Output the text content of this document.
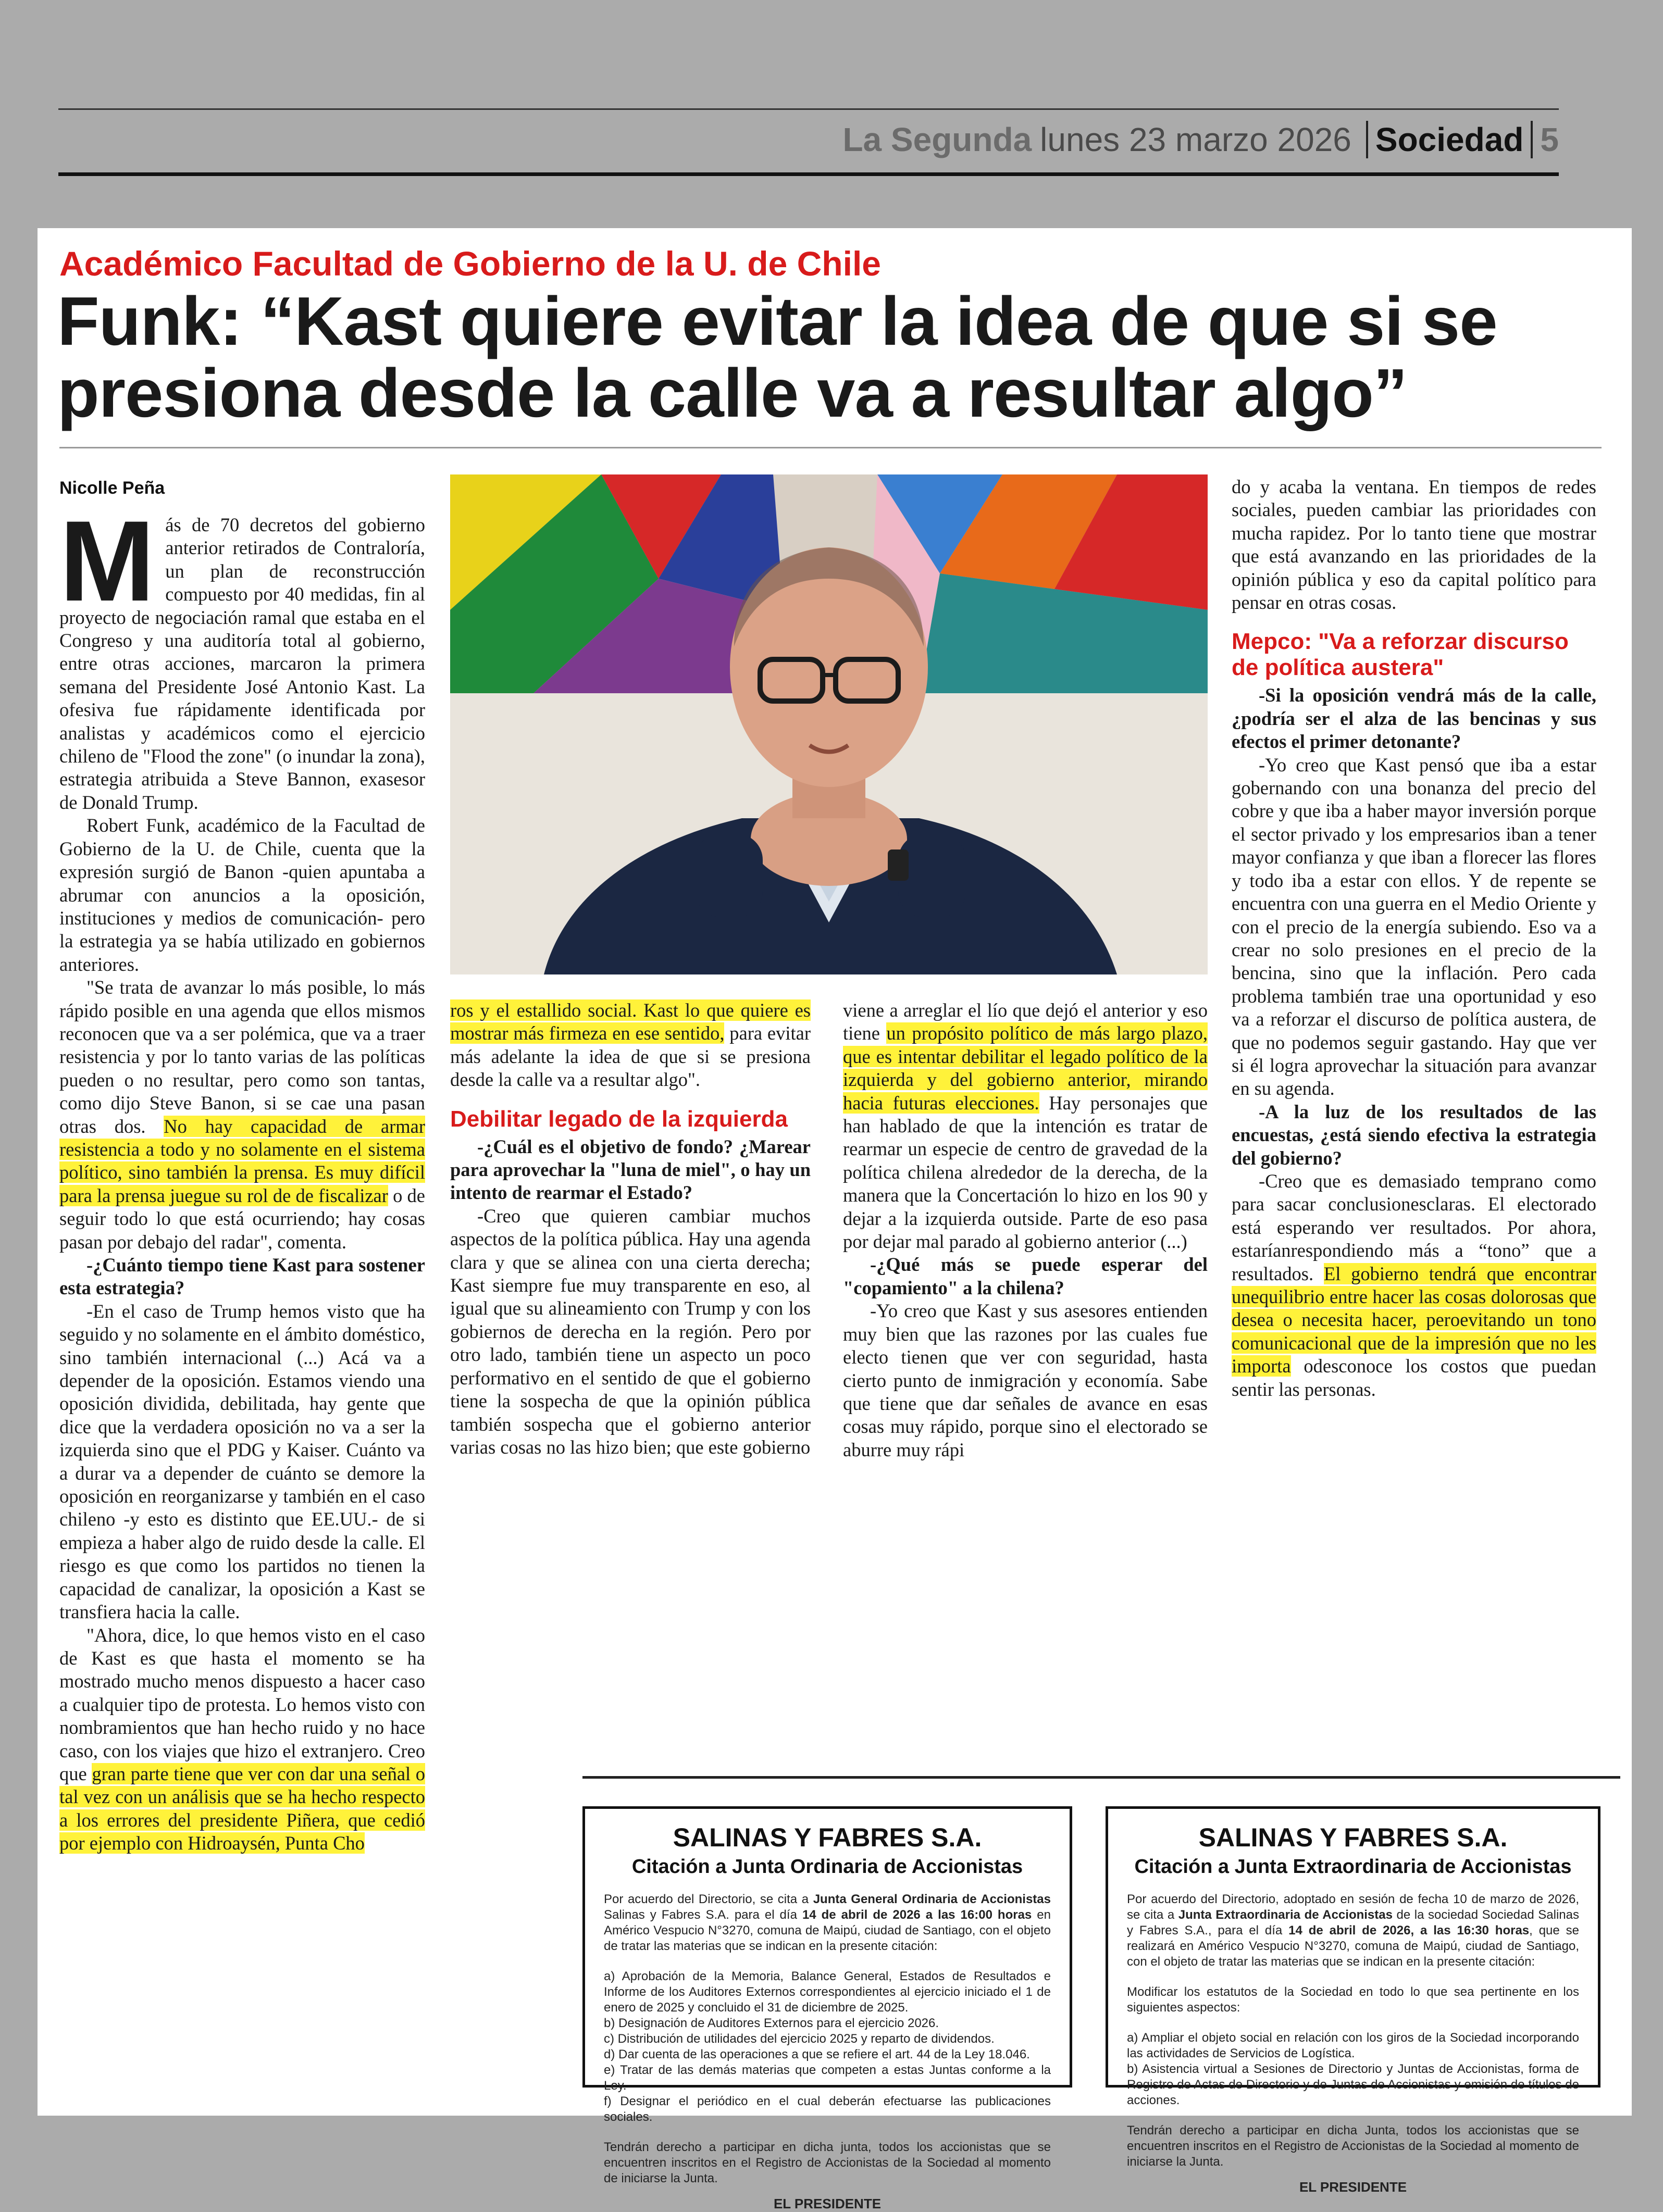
La Segunda lunes 23 marzo 2026 Sociedad 5
Académico Facultad de Gobierno de la U. de Chile
Funk: “Kast quiere evitar la idea de que si se presiona desde la calle va a resultar algo”
Nicolle Peña

Más de 70 decretos del gobierno anterior retirados de Contraloría, un plan de reconstrucción compuesto por 40 medidas, fin al proyecto de negociación ramal que estaba en el Congreso y una auditoría total al gobierno, entre otras acciones, marcaron la primera semana del Presidente José Antonio Kast. La ofesiva fue rápidamente identificada por analistas y académicos como el ejercicio chileno de "Flood the zone" (o inundar la zona), estrategia atribuida a Steve Bannon, exasesor de Donald Trump.

Robert Funk, académico de la Facultad de Gobierno de la U. de Chile, cuenta que la expresión surgió de Banon -quien apuntaba a abrumar con anuncios a la oposición, instituciones y medios de comunicación- pero la estrategia ya se había utilizado en gobiernos anteriores.

"Se trata de avanzar lo más posible, lo más rápido posible en una agenda que ellos mismos reconocen que va a ser polémica, que va a traer resistencia y por lo tanto varias de las políticas pueden o no resultar, pero como son tantas, como dijo Steve Banon, si se cae una pasan otras dos. No hay capacidad de armar resistencia a todo y no solamente en el sistema político, sino también la prensa. Es muy difícil para la prensa juegue su rol de de fiscalizar o de seguir todo lo que está ocurriendo; hay cosas pasan por debajo del radar", comenta.

-¿Cuánto tiempo tiene Kast para sostener esta estrategia?

-En el caso de Trump hemos visto que ha seguido y no solamente en el ámbito doméstico, sino también internacional (...) Acá va a depender de la oposición. Estamos viendo una oposición dividida, debilitada, hay gente que dice que la verdadera oposición no va a ser la izquierda sino que el PDG y Kaiser. Cuánto va a durar va a depender de cuánto se demore la oposición en reorganizarse y también en el caso chileno -y esto es distinto que EE.UU.- de si empieza a haber algo de ruido desde la calle. El riesgo es que como los partidos no tienen la capacidad de canalizar, la oposición a Kast se transfiera hacia la calle.

"Ahora, dice, lo que hemos visto en el caso de Kast es que hasta el momento se ha mostrado mucho menos dispuesto a hacer caso a cualquier tipo de protesta. Lo hemos visto con nombramientos que han hecho ruido y no hace caso, con los viajes que hizo el extranjero. Creo que gran parte tiene que ver con dar una señal o tal vez con un análisis que se ha hecho respecto a los errores del presidente Piñera, que cedió por ejemplo con Hidroaysén, Punta Cho

ros y el estallido social. Kast lo que quiere es mostrar más firmeza en ese sentido, para evitar más adelante la idea de que si se presiona desde la calle va a resultar algo".

Debilitar legado de la izquierda

-¿Cuál es el objetivo de fondo? ¿Marear para aprovechar la "luna de miel", o hay un intento de rearmar el Estado?

-Creo que quieren cambiar muchos aspectos de la política pública. Hay una agenda clara y que se alinea con una cierta derecha; Kast siempre fue muy transparente en eso, al igual que su alineamiento con Trump y con los gobiernos de derecha en la región. Pero por otro lado, también tiene un aspecto un poco performativo en el sentido de que el gobierno tiene la sospecha de que la opinión pública también sospecha que el gobierno anterior varias cosas no las hizo bien; que este gobierno

viene a arreglar el lío que dejó el anterior y eso tiene un propósito político de más largo plazo, que es intentar debilitar el legado político de la izquierda y del gobierno anterior, mirando hacia futuras elecciones. Hay personajes que han hablado de que la intención es tratar de rearmar un especie de centro de gravedad de la política chilena alrededor de la derecha, de la manera que la Concertación lo hizo en los 90 y dejar a la izquierda outside. Parte de eso pasa por dejar mal parado al gobierno anterior (...)

-¿Qué más se puede esperar del "copamiento" a la chilena?

-Yo creo que Kast y sus asesores entienden muy bien que las razones por las cuales fue electo tienen que ver con seguridad, hasta cierto punto de inmigración y economía. Sabe que tiene que dar señales de avance en esas cosas muy rápido, porque sino el electorado se aburre muy rápi

do y acaba la ventana. En tiempos de redes sociales, pueden cambiar las prioridades con mucha rapidez. Por lo tanto tiene que mostrar que está avanzando en las prioridades de la opinión pública y eso da capital político para pensar en otras cosas.

Mepco: "Va a reforzar discurso de política austera"

-Si la oposición vendrá más de la calle, ¿podría ser el alza de las bencinas y sus efectos el primer detonante?

-Yo creo que Kast pensó que iba a estar gobernando con una bonanza del precio del cobre y que iba a haber mayor inversión porque el sector privado y los empresarios iban a tener mayor confianza y que iban a florecer las flores y todo iba a estar con ellos. Y de repente se encuentra con una guerra en el Medio Oriente y con el precio de la energía subiendo. Eso va a crear no solo presiones en el precio de la bencina, sino que la inflación. Pero cada problema también trae una oportunidad y eso va a reforzar el discurso de política austera, de que no podemos seguir gastando. Hay que ver si él logra aprovechar la situación para avanzar en su agenda.

-A la luz de los resultados de las encuestas, ¿está siendo efectiva la estrategia del gobierno?

-Creo que es demasiado temprano como para sacar conclusionesclaras. El electorado está esperando ver resultados. Por ahora, estaríanrespondiendo más a “tono” que a resultados. El gobierno tendrá que encontrar unequilibrio entre hacer las cosas dolorosas que desea o necesita hacer, peroevitando un tono comunicacional que de la impresión que no les importa odesconoce los costos que puedan sentir las personas.

SALINAS Y FABRES S.A.
Citación a Junta Ordinaria de Accionistas

Por acuerdo del Directorio, se cita a Junta General Ordinaria de Accionistas Salinas y Fabres S.A. para el día 14 de abril de 2026 a las 16:00 horas en Américo Vespucio N°3270, comuna de Maipú, ciudad de Santiago, con el objeto de tratar las materias que se indican en la presente citación:

a) Aprobación de la Memoria, Balance General, Estados de Resultados e Informe de los Auditores Externos correspondientes al ejercicio iniciado el 1 de enero de 2025 y concluido el 31 de diciembre de 2025.
b) Designación de Auditores Externos para el ejercicio 2026.
c) Distribución de utilidades del ejercicio 2025 y reparto de dividendos.
d) Dar cuenta de las operaciones a que se refiere el art. 44 de la Ley 18.046.
e) Tratar de las demás materias que competen a estas Juntas conforme a la Ley.
f) Designar el periódico en el cual deberán efectuarse las publicaciones sociales.

Tendrán derecho a participar en dicha junta, todos los accionistas que se encuentren inscritos en el Registro de Accionistas de la Sociedad al momento de iniciarse la Junta.

EL PRESIDENTE
SALINAS Y FABRES S.A.
Citación a Junta Extraordinaria de Accionistas

Por acuerdo del Directorio, adoptado en sesión de fecha 10 de marzo de 2026, se cita a Junta Extraordinaria de Accionistas de la sociedad Sociedad Salinas y Fabres S.A., para el día 14 de abril de 2026, a las 16:30 horas, que se realizará en Américo Vespucio N°3270, comuna de Maipú, ciudad de Santiago, con el objeto de tratar las materias que se indican en la presente citación:

Modificar los estatutos de la Sociedad en todo lo que sea pertinente en los siguientes aspectos:

a) Ampliar el objeto social en relación con los giros de la Sociedad incorporando las actividades de Servicios de Logística.
b) Asistencia virtual a Sesiones de Directorio y Juntas de Accionistas, forma de Registro de Actas de Directorio y de Juntas de Accionistas y emisión de títulos de acciones.

Tendrán derecho a participar en dicha Junta, todos los accionistas que se encuentren inscritos en el Registro de Accionistas de la Sociedad al momento de iniciarse la Junta.

EL PRESIDENTE
